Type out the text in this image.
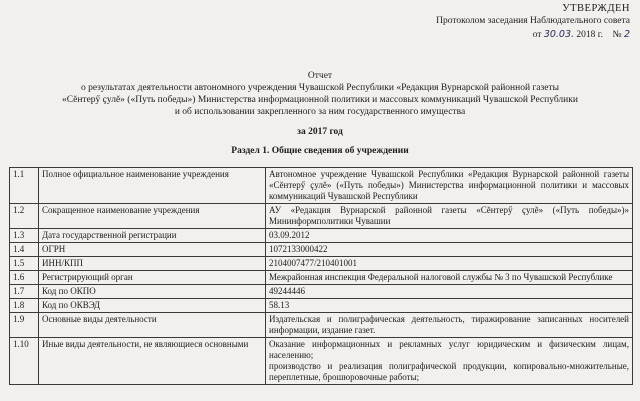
УТВЕРЖДЕН
Протоколом заседания Наблюдательного совета
от 30.03. 2018 г. № 2
Отчет
о результатах деятельности автономного учреждения Чувашской Республики «Редакция Вурнарской районной газеты
«Сĕнтерӳ ҫулĕ» («Путь победы») Министерства информационной политики и массовых коммуникаций Чувашской Республики
и об использовании закрепленного за ним государственного имущества
за 2017 год
Раздел 1. Общие сведения об учреждении
1.1	Полное официальное наименование учреждения	Автономное учреждение Чувашской Республики «Редакция Вурнарской районной газеты «Сĕнтерӳ ҫулĕ» («Путь победы») Министерства информационной политики и массовых коммуникаций Чувашской Республики
1.2	Сокращенное наименование учреждения	АУ «Редакция Вурнарской районной газеты «Сĕнтерӳ ҫулĕ» («Путь победы»)» Мининформполитики Чувашии
1.3	Дата государственной регистрации	03.09.2012
1.4	ОГРН	1072133000422
1.5	ИНН/КПП	2104007477/210401001
1.6	Регистрирующий орган	Межрайонная инспекция Федеральной налоговой службы № 3 по Чувашской Республике
1.7	Код по ОКПО	49244446
1.8	Код по ОКВЭД	58.13
1.9	Основные виды деятельности	Издательская и полиграфическая деятельность, тиражирование записанных носителей информации, издание газет.
1.10	Иные виды деятельности, не являющиеся основными	Оказание информационных и рекламных услуг юридическим и физическим лицам, населению;
производство и реализация полиграфической продукции, копировально-множительные, переплетные, брошюровочные работы;
